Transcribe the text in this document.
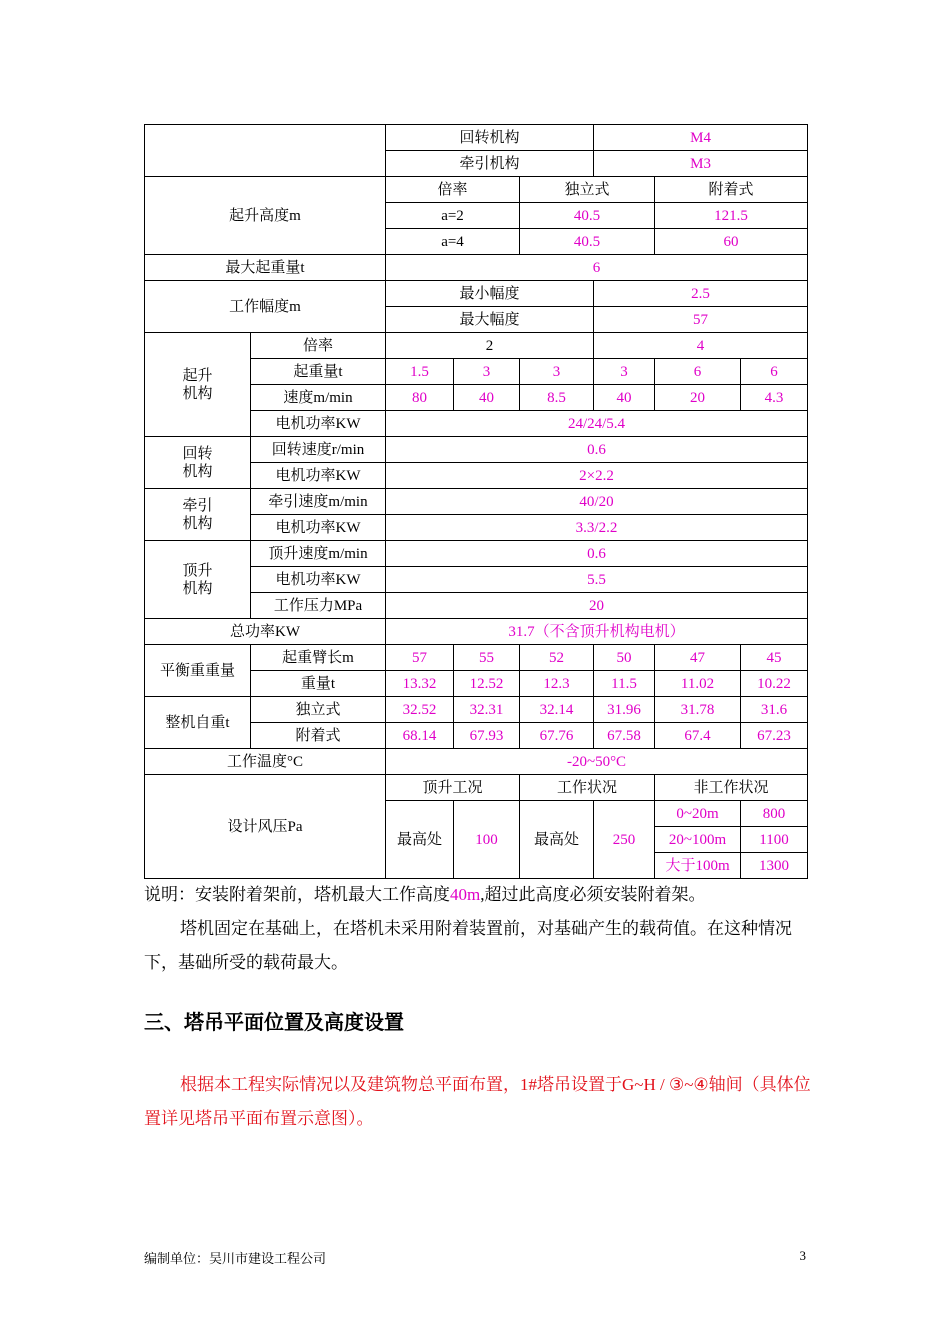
		回转机构			M4		
		牵引机构			M3		
起升高度m		倍率		独立式		附着式	
		a=2		40.5		121.5	
		a=4		40.5		60	
最大起重量t		6					
工作幅度m		最小幅度			2.5		
		最大幅度			57		
起升
机构	倍率	2			4		
	起重量t	1.5	3	3	3	6	6
	速度m/min	80	40	8.5	40	20	4.3
	电机功率KW	24/24/5.4					
回转
机构	回转速度r/min	0.6					
	电机功率KW	2×2.2					
牵引
机构	牵引速度m/min	40/20					
	电机功率KW	3.3/2.2					
顶升
机构	顶升速度m/min	0.6					
	电机功率KW	5.5					
	工作压力MPa	20					
总功率KW		31.7（不含顶升机构电机）					
平衡重重量	起重臂长m	57	55	52	50	47	45
	重量t	13.32	12.52	12.3	11.5	11.02	10.22
整机自重t	独立式	32.52	32.31	32.14	31.96	31.78	31.6
	附着式	68.14	67.93	67.76	67.58	67.4	67.23
工作温度°C		-20~50°C					
设计风压Pa		顶升工况		工作状况		非工作状况	
		最高处	100	最高处	250	0~20m	800
						20~100m	1100
						大于100m	1300
说明：安装附着架前，塔机最大工作高度40m,超过此高度必须安装附着架。
塔机固定在基础上，在塔机未采用附着装置前，对基础产生的载荷值。在这种情况下，基础所受的载荷最大。
三、塔吊平面位置及高度设置
根据本工程实际情况以及建筑物总平面布置，1#塔吊设置于G~H / ③~④轴间（具体位置详见塔吊平面布置示意图）。
编制单位：吴川市建设工程公司	3
